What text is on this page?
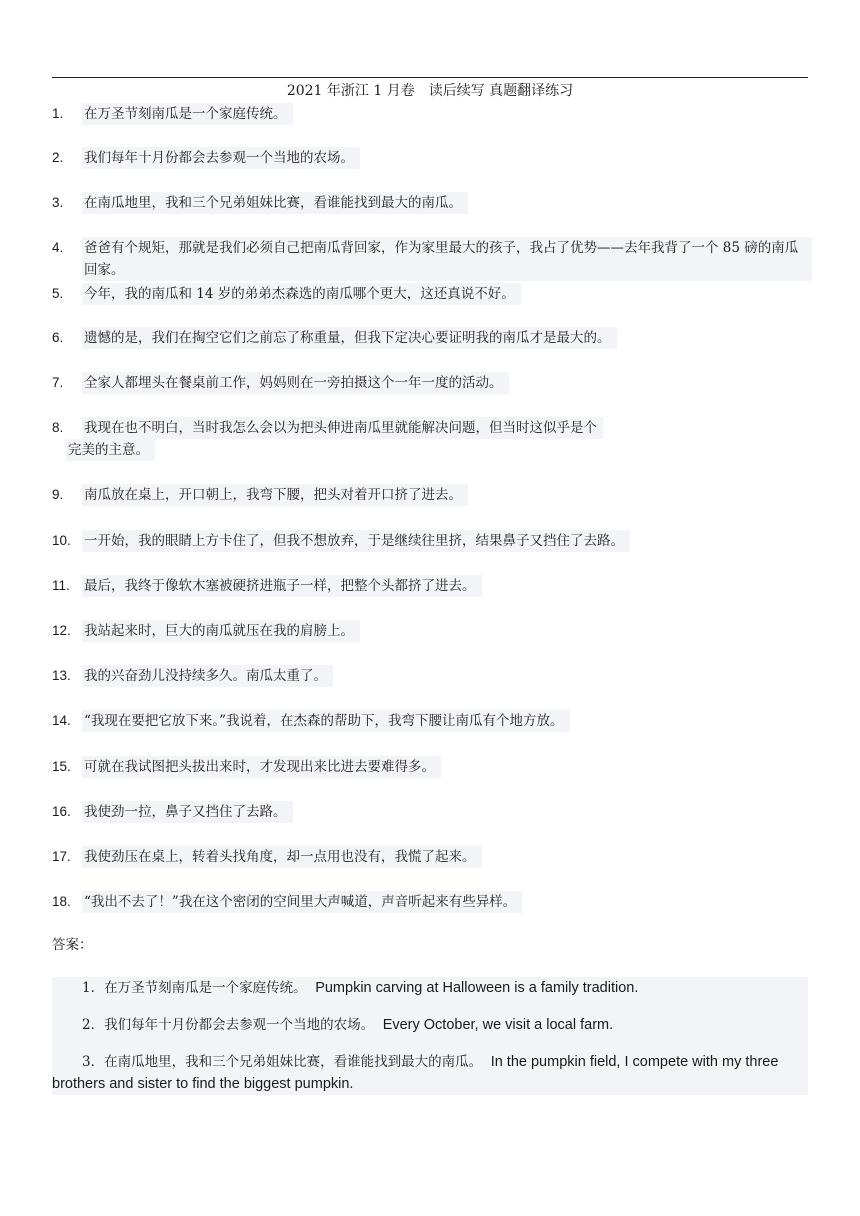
2021 年浙江 1 月卷　读后续写 真题翻译练习
1. 在万圣节刻南瓜是一个家庭传统。
2. 我们每年十月份都会去参观一个当地的农场。
3. 在南瓜地里，我和三个兄弟姐妹比赛，看谁能找到最大的南瓜。
4. 爸爸有个规矩，那就是我们必须自己把南瓜背回家，作为家里最大的孩子，我占了优势——去年我背了一个 85 磅的南瓜回家。
5. 今年，我的南瓜和 14 岁的弟弟杰森选的南瓜哪个更大，这还真说不好。
6. 遗憾的是，我们在掏空它们之前忘了称重量，但我下定决心要证明我的南瓜才是最大的。
7. 全家人都埋头在餐桌前工作，妈妈则在一旁拍摄这个一年一度的活动。
8. 我现在也不明白，当时我怎么会以为把头伸进南瓜里就能解决问题，但当时这似乎是个
完美的主意。
9. 南瓜放在桌上，开口朝上，我弯下腰，把头对着开口挤了进去。
10. 一开始，我的眼睛上方卡住了，但我不想放弃，于是继续往里挤，结果鼻子又挡住了去路。
11. 最后，我终于像软木塞被硬挤进瓶子一样，把整个头都挤了进去。
12. 我站起来时，巨大的南瓜就压在我的肩膀上。
13. 我的兴奋劲儿没持续多久。南瓜太重了。
14. “我现在要把它放下来。”我说着，在杰森的帮助下，我弯下腰让南瓜有个地方放。
15. 可就在我试图把头拔出来时，才发现出来比进去要难得多。
16. 我使劲一拉，鼻子又挡住了去路。
17. 我使劲压在桌上，转着头找角度，却一点用也没有，我慌了起来。
18. “我出不去了！”我在这个密闭的空间里大声喊道，声音听起来有些异样。
答案：
1．在万圣节刻南瓜是一个家庭传统。 Pumpkin carving at Halloween is a family tradition.
2．我们每年十月份都会去参观一个当地的农场。 Every October, we visit a local farm.
3．在南瓜地里，我和三个兄弟姐妹比赛，看谁能找到最大的南瓜。 In the pumpkin field, I compete with my three brothers and sister to find the biggest pumpkin.
